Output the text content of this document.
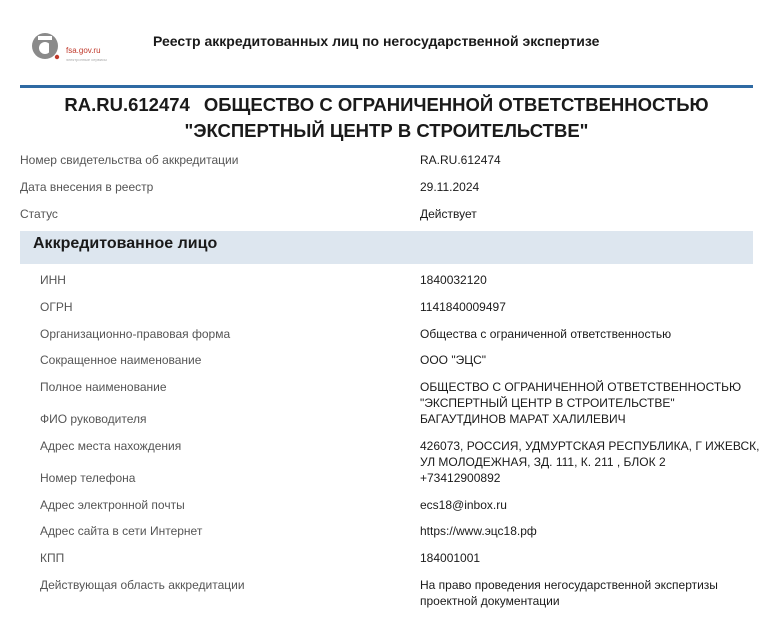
fsa.gov.ru
электронные сервисы
Реестр аккредитованных лиц по негосударственной экспертизе
RA.RU.612474 ОБЩЕСТВО С ОГРАНИЧЕННОЙ ОТВЕТСТВЕННОСТЬЮ
"ЭКСПЕРТНЫЙ ЦЕНТР В СТРОИТЕЛЬСТВЕ"
Номер свидетельства об аккредитации	RA.RU.612474
Дата внесения в реестр	29.11.2024
Статус	Действует
Аккредитованное лицо
ИНН	1840032120
ОГРН	1141840009497
Организационно-правовая форма	Общества с ограниченной ответственностью
Сокращенное наименование	ООО "ЭЦС"
Полное наименование	ОБЩЕСТВО С ОГРАНИЧЕННОЙ ОТВЕТСТВЕННОСТЬЮ
"ЭКСПЕРТНЫЙ ЦЕНТР В СТРОИТЕЛЬСТВЕ"
ФИО руководителя	БАГАУТДИНОВ МАРАТ ХАЛИЛЕВИЧ
Адрес места нахождения	426073, РОССИЯ, УДМУРТСКАЯ РЕСПУБЛИКА, Г ИЖЕВСК,
УЛ МОЛОДЕЖНАЯ, ЗД. 111, К. 211 , БЛОК 2
Номер телефона	+73412900892
Адрес электронной почты	ecs18@inbox.ru
Адрес сайта в сети Интернет	https://www.эцс18.рф
КПП	184001001
Действующая область аккредитации	На право проведения негосударственной экспертизы
проектной документации
